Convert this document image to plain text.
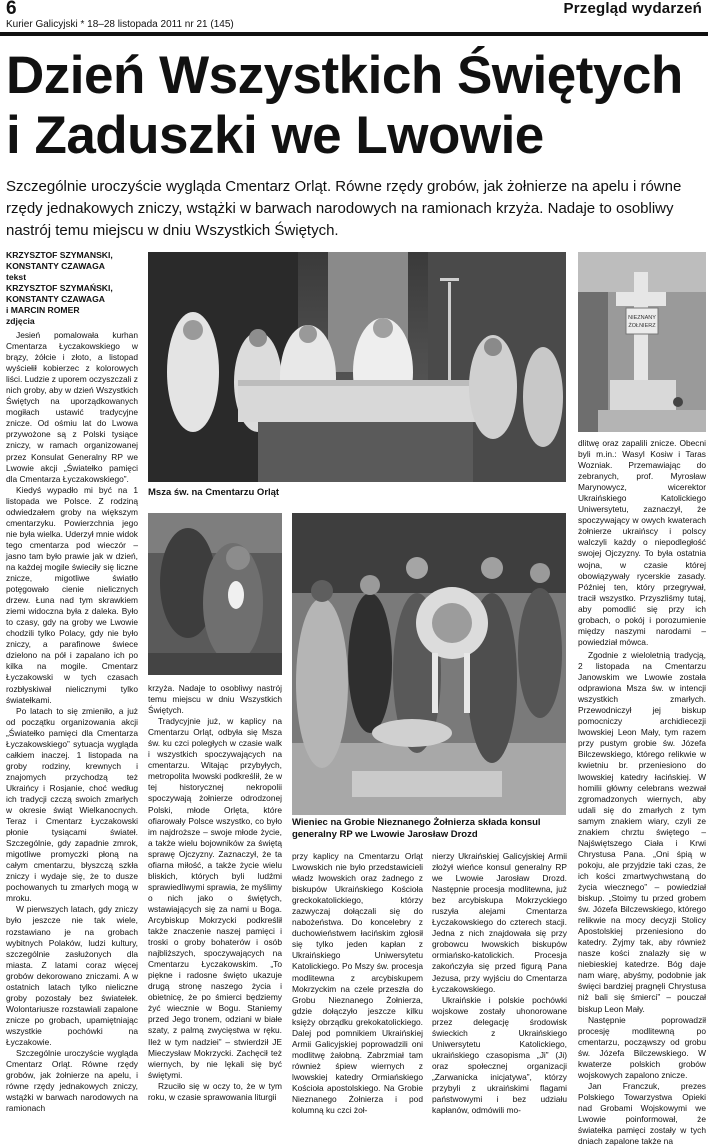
6
Kurier Galicyjski * 18–28 listopada 2011 nr 21 (145)
Przegląd wydarzeń
Dzień Wszystkich Świętych
i Zaduszki we Lwowie
Szczególnie uroczyście wygląda Cmentarz Orląt. Równe rzędy grobów, jak żołnierze na apelu i równe rzędy jednakowych zniczy, wstążki w barwach narodowych na ramionach krzyża. Nadaje to osobliwy nastrój temu miejscu w dniu Wszystkich Świętych.
KRZYSZTOF SZYMANSKI,
KONSTANTY CZAWAGA
tekst
KRZYSZTOF SZYMAŃSKI,
KONSTANTY CZAWAGA
i MARCIN ROMER
zdjęcia

Jesień pomalowała kurhan Cmentarza Łyczakowskiego w brązy, żółcie i złoto, a listopad wyściełił kobierzec z kolorowych liści. Ludzie z uporem oczyszczali z nich groby, aby w dzień Wszystkich Świętych na uporządkowanych mogiłach ustawić tradycyjne znicze. Od ośmiu lat do Lwowa przywożone są z Polski tysiące zniczy, w ramach organizowanej przez Konsulat Generalny RP we Lwowie akcji „Światełko pamięci dla Cmentarza Łyczakowskiego”.

Kiedyś wypadło mi być na 1 listopada we Polsce. Z rodziną odwiedzałem groby na większym cmentarzyku. Powierzchnia jego nie była wielka. Uderzył mnie widok tego cmentarza pod wieczór – jasno tam było prawie jak w dzień, na każdej mogile świeciły się liczne znicze, migotliwe światło potęgowało cienie nielicznych drzew. Łuna nad tym skrawkiem ziemi widoczna była z daleka. Było to czasy, gdy na groby we Lwowie chodzili tylko Polacy, gdy nie było zniczy, a parafinowe świece dzielono na pół i zapalano ich po kilka na mogile. Cmentarz Łyczakowski w tych czasach rozbłyskiwał nielicznymi tylko światełkami.

Po latach to się zmieniło, a już od początku organizowania akcji „Światełko pamięci dla Cmentarza Łyczakowskiego” sytuacja wygląda całkiem inaczej. 1 listopada na groby rodziny, krewnych i znajomych przychodzą też Ukraińcy i Rosjanie, choć według ich tradycji czczą swoich zmarłych w okresie świąt Wielkanocnych. Teraz i Cmentarz Łyczakowski płonie tysiącami świateł. Szczególnie, gdy zapadnie zmrok, migotliwe promyczki płoną na całym cmentarzu, błyszczą szkła zniczy i wydaje się, że to dusze pochowanych tu zmarłych mogą w mroku.

W pierwszych latach, gdy zniczy było jeszcze nie tak wiele, rozstawiano je na grobach wybitnych Polaków, ludzi kultury, szczególnie zasłużonych dla miasta. Z latami coraz więcej grobów dekorowano zniczami. A w ostatnich latach tylko nieliczne groby pozostały bez światełek. Wolontariusze rozstawiali zapalone znicze po grobach, upamiętniając wszystkie pochówki na Łyczakowie.

Szczególnie uroczyście wygląda Cmentarz Orląt. Równe rzędy grobów, jak żołnierze na apelu, i równe rzędy jednakowych zniczy, wstążki w barwach narodowych na ramionach

Msza św. na Cmentarzu Orląt
NIEZNANY
ŻOŁNIERZ

dlitwę oraz zapalili znicze. Obecni byli m.in.: Wasyl Kosiw i Taras Wozniak. Przemawiając do zebranych, prof. Myrosław Marynowycz, wicerektor Ukraińskiego Katolickiego Uniwersytetu, zaznaczył, że spoczywający w owych kwaterach żołnierze ukraińscy i polscy walczyli każdy o niepodległość swojej Ojczyzny. To była ostatnia wojna, w czasie której obowiązywały rycerskie zasady. Później ten, który przegrywał, tracił wszystko. Przyszliśmy tutaj, aby pomodlić się przy ich grobach, o pokój i porozumienie między naszymi narodami – powiedział mówca.

krzyża. Nadaje to osobliwy nastrój temu miejscu w dniu Wszystkich Świętych.

Tradycyjnie już, w kaplicy na Cmentarzu Orląt, odbyła się Msza św. ku czci poległych w czasie walk i wszystkich spoczywających na cmentarzu. Witając przybyłych, metropolita lwowski podkreślił, że w tej historycznej nekropolii spoczywają żołnierze odrodzonej Polski, młode Orlęta, które ofiarowały Polsce wszystko, co było im najdroższe – swoje młode życie, a także wielu bojowników za świętą sprawę Ojczyzny. Zaznaczył, że ta ofiarna miłość, a także życie wielu bliskich, których byli ludźmi sprawiedliwymi sprawia, że myślimy o nich jako o świętych, wstawiających się za nami u Boga. Arcybiskup Mokrzycki podkreślił także znaczenie naszej pamięci i troski o groby bohaterów i osób najbliższych, spoczywających na Cmentarzu Łyczakowskim. „To piękne i radosne święto ukazuje drugą stronę naszego życia i obietnicę, że po śmierci będziemy żyć wiecznie w Bogu. Staniemy przed Jego tronem, odziani w białe szaty, z palmą zwycięstwa w ręku. Ileż w tym nadziei” – stwierdził JE Mieczysław Mokrzycki. Zachęcił też wiernych, by nie lękali się być świętymi.

Rzuciło się w oczy to, że w tym roku, w czasie sprawowania liturgii

Wieniec na Grobie Nieznanego Żołnierza składa konsul generalny RP we Lwowie Jarosław Drozd

przy kaplicy na Cmentarzu Orląt Lwowskich nie było przedstawicieli władz lwowskich oraz żadnego z biskupów Ukraińskiego Kościoła greckokatolickiego, którzy zazwyczaj dołączali się do nabożeństwa. Do koncelebry z duchowieństwem łacińskim zgłosił się tylko jeden kapłan z Ukraińskiego Uniwersytetu Katolickiego. Po Mszy św. procesja modlitewna z arcybiskupem Mokrzyckim na czele przeszła do Grobu Nieznanego Żołnierza, gdzie dołączyło jeszcze kilku księży obrządku grekokatolickiego. Dalej pod pomnikiem Ukraińskiej Armii Galicyjskiej poprowadzili oni modlitwę żałobną. Zabrzmiał tam również śpiew wiernych z lwowskiej katedry Ormiańskiego Kościoła apostolskiego. Na Grobie Nieznanego Żołnierza i pod kolumną ku czci żoł-

nierzy Ukraińskiej Galicyjskiej Armii złożył wieńce konsul generalny RP we Lwowie Jarosław Drozd. Następnie procesja modlitewna, już bez arcybiskupa Mokrzyckiego ruszyła alejami Cmentarza Łyczakowskiego do czterech stacji. Jedna z nich znajdowała się przy grobowcu lwowskich biskupów ormiańsko-katolickich. Procesja zakończyła się przed figurą Pana Jezusa, przy wyjściu do Cmentarza Łyczakowskiego.

Ukraińskie i polskie pochówki wojskowe zostały uhonorowane przez delegację środowisk świeckich z Ukraińskiego Uniwersytetu Katolickiego, ukraińskiego czasopisma „Ji” (Jі) oraz społecznej organizacji „Zarwanicka inicjatywa”, którzy przybyli z ukraińskimi flagami państwowymi i bez udziału kapłanów, odmówili mo-

Zgodnie z wieloletnią tradycją, 2 listopada na Cmentarzu Janowskim we Lwowie została odprawiona Msza św. w intencji wszystkich zmarłych. Przewodniczył jej biskup pomocniczy archidiecezji lwowskiej Leon Mały, tym razem przy pustym grobie św. Józefa Bilczewskiego, którego relikwie w kwietniu br. przeniesiono do lwowskiej katedry łacińskiej. W homilii główny celebrans wezwał zgromadzonych wiernych, aby udali się do zmarłych z tym samym znakiem wiary, czyli ze znakiem chrztu świętego – Najświętszego Ciała i Krwi Chrystusa Pana. „Oni śpią w pokoju, ale przyjdzie taki czas, że ich kości zmartwychwstaną do życia wiecznego” – powiedział biskup. „Stoimy tu przed grobem św. Józefa Bilczewskiego, którego relikwie na mocy decyzji Stolicy Apostolskiej przeniesiono do katedry. Żyjmy tak, aby również nasze kości znalazły się w niebieskiej katedrze. Bóg daje nam wiarę, abyśmy, podobnie jak święci bardziej pragnęli Chrystusa niż bali się śmierci” – pouczał biskup Leon Mały.

Następnie poprowadził procesję modlitewną po cmentarzu, począwszy od grobu św. Józefa Bilczewskiego. W kwaterze polskich grobów wojskowych zapalono znicze.

Jan Franczuk, prezes Polskiego Towarzystwa Opieki nad Grobami Wojskowymi we Lwowie poinformował, że światełka pamięci zostały w tych dniach zapalone także na
